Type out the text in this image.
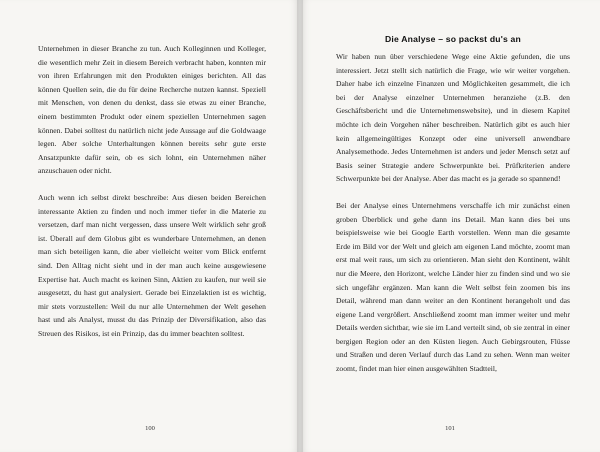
Unternehmen in dieser Branche zu tun. Auch Kolleginnen und Kolleger, die wesentlich mehr Zeit in diesem Bereich verbracht haben, konnten mir von ihren Erfahrungen mit den Produkten einiges berichten. All das können Quellen sein, die du für deine Recherche nutzen kannst. Speziell mit Menschen, von denen du denkst, dass sie etwas zu einer Branche, einem bestimmten Produkt oder einem speziellen Unternehmen sagen können. Dabei solltest du natürlich nicht jede Aussage auf die Goldwaage legen. Aber solche Unterhaltungen können bereits sehr gute erste Ansatzpunkte dafür sein, ob es sich lohnt, ein Unternehmen näher anzuschauen oder nicht.

Auch wenn ich selbst direkt beschreibe: Aus diesen beiden Bereichen interessante Aktien zu finden und noch immer tiefer in die Materie zu versetzen, darf man nicht vergessen, dass unsere Welt wirklich sehr groß ist. Überall auf dem Globus gibt es wunderbare Unternehmen, an denen man sich beteiligen kann, die aber vielleicht weiter vom Blick entfernt sind. Den Alltag nicht sieht und in der man auch keine ausgewiesene Expertise hat. Auch macht es keinen Sinn, Aktien zu kaufen, nur weil sie ausgesetzt, du hast gut analysiert. Gerade bei Einzelaktien ist es wichtig, mir stets vorzustellen: Weil du nur alle Unternehmen der Welt gesehen hast und als Analyst, musst du das Prinzip der Diversifikation, also das Streuen des Risikos, ist ein Prinzip, das du immer beachten solltest.

100
Die Analyse – so packst du's an

Wir haben nun über verschiedene Wege eine Aktie gefunden, die uns interessiert. Jetzt stellt sich natürlich die Frage, wie wir weiter vorgehen. Daher habe ich einzelne Finanzen und Möglichkeiten gesammelt, die ich bei der Analyse einzelner Unternehmen heranziehe (z.B. den Geschäftsbericht und die Unternehmenswebsite), und in diesem Kapitel möchte ich dein Vorgehen näher beschreiben. Natürlich gibt es auch hier kein allgemeingültiges Konzept oder eine universell anwendbare Analysemethode. Jedes Unternehmen ist anders und jeder Mensch setzt auf Basis seiner Strategie andere Schwerpunkte bei. Prüfkriterien andere Schwerpunkte bei der Analyse. Aber das macht es ja gerade so spannend!

Bei der Analyse eines Unternehmens verschaffe ich mir zunächst einen groben Überblick und gehe dann ins Detail. Man kann dies bei uns beispielsweise wie bei Google Earth vorstellen. Wenn man die gesamte Erde im Bild vor der Welt und gleich am eigenen Land möchte, zoomt man erst mal weit raus, um sich zu orientieren. Man sieht den Kontinent, wählt nur die Meere, den Horizont, welche Länder hier zu finden sind und wo sie sich ungefähr ergänzen. Man kann die Welt selbst fein zoomen bis ins Detail, während man dann weiter an den Kontinent herangeholt und das eigene Land vergrößert. Anschließend zoomt man immer weiter und mehr Details werden sichtbar, wie sie im Land verteilt sind, ob sie zentral in einer bergigen Region oder an den Küsten liegen. Auch Gebirgsrouten, Flüsse und Straßen und deren Verlauf durch das Land zu sehen. Wenn man weiter zoomt, findet man hier einen ausgewählten Stadtteil,

101
